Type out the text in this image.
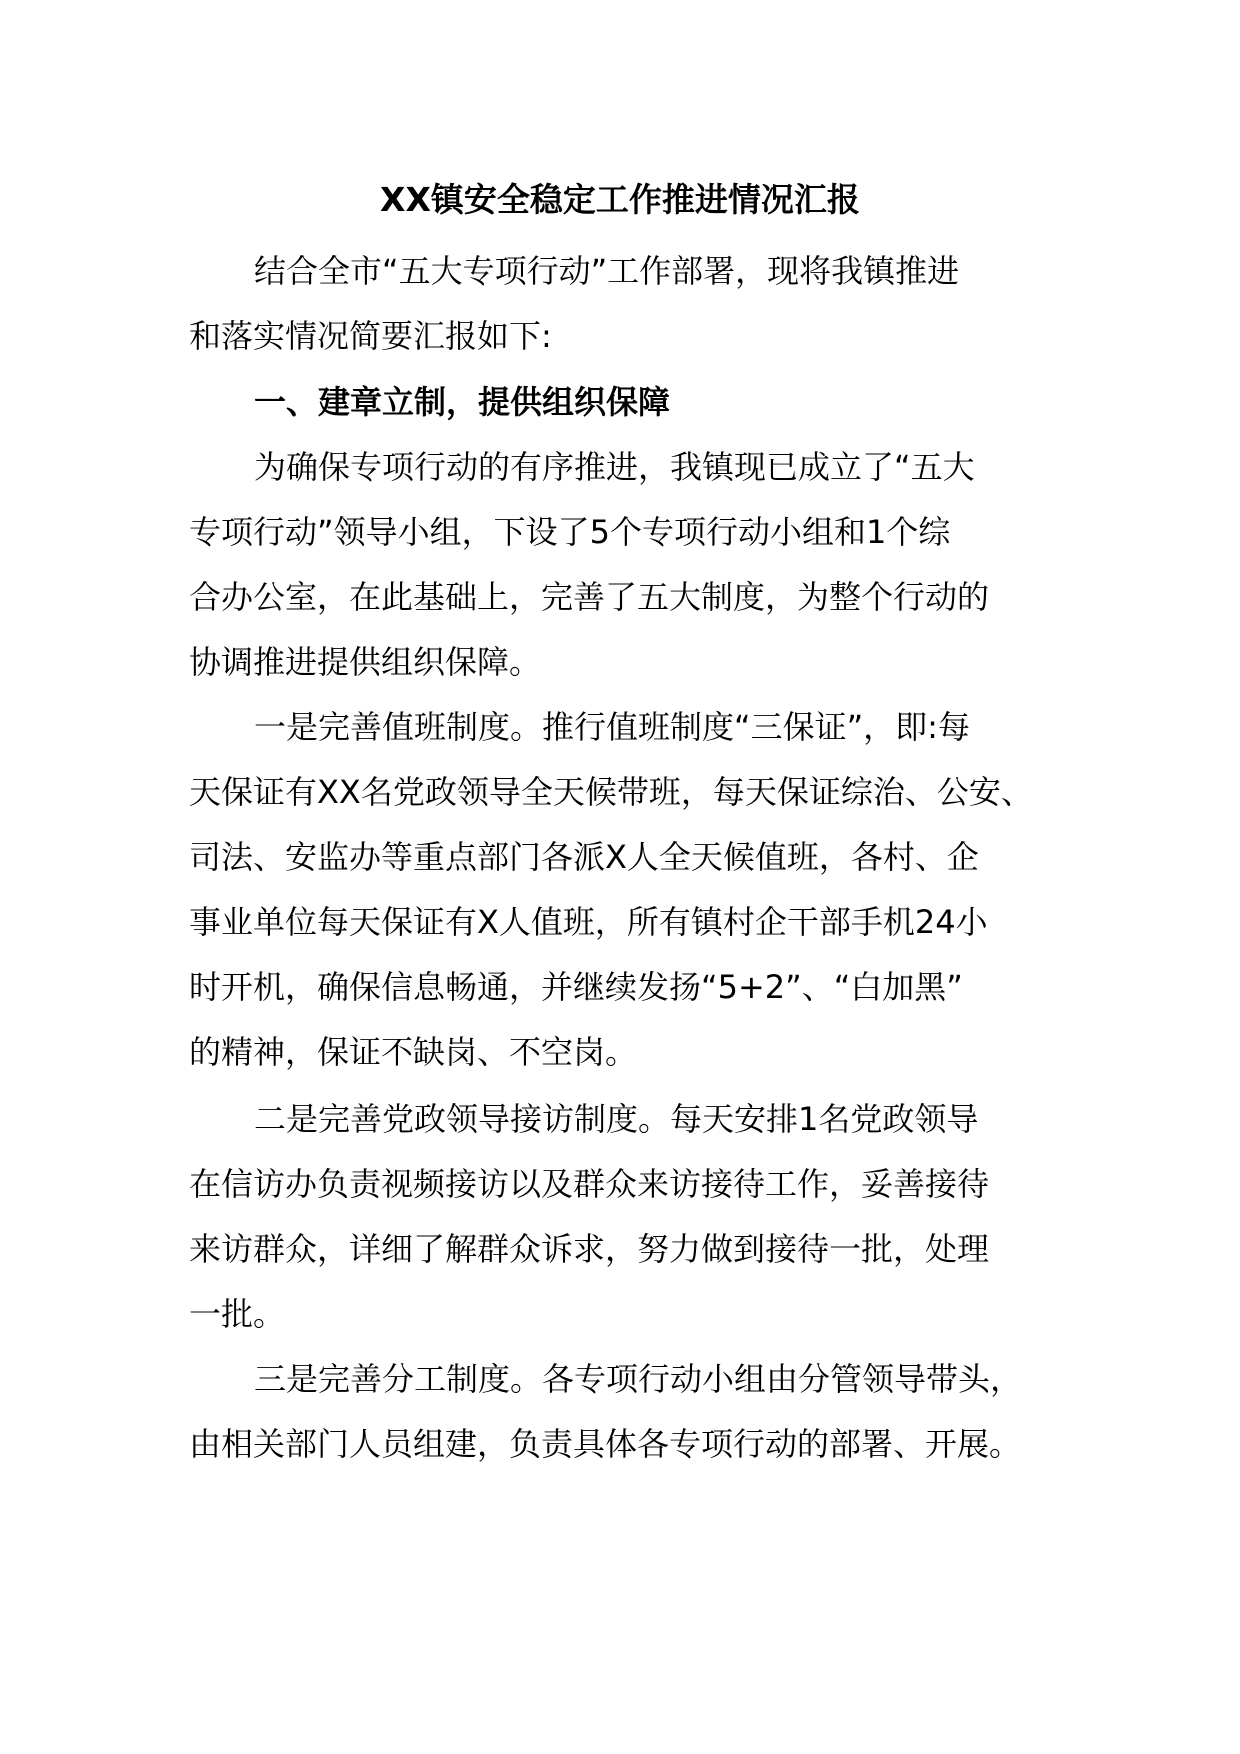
XX镇安全稳定工作推进情况汇报
结合全市“五大专项行动”工作部署，现将我镇推进
和落实情况简要汇报如下:
一、建章立制，提供组织保障
为确保专项行动的有序推进，我镇现已成立了“五大
专项行动”领导小组，下设了5个专项行动小组和1个综
合办公室，在此基础上，完善了五大制度，为整个行动的
协调推进提供组织保障。
一是完善值班制度。推行值班制度“三保证”，即:每
天保证有XX名党政领导全天候带班，每天保证综治、公安、
司法、安监办等重点部门各派X人全天候值班，各村、企
事业单位每天保证有X人值班，所有镇村企干部手机24小
时开机，确保信息畅通，并继续发扬“5+2”、“白加黑”
的精神，保证不缺岗、不空岗。
二是完善党政领导接访制度。每天安排1名党政领导
在信访办负责视频接访以及群众来访接待工作，妥善接待
来访群众，详细了解群众诉求，努力做到接待一批，处理
一批。
三是完善分工制度。各专项行动小组由分管领导带头，
由相关部门人员组建，负责具体各专项行动的部署、开展。
